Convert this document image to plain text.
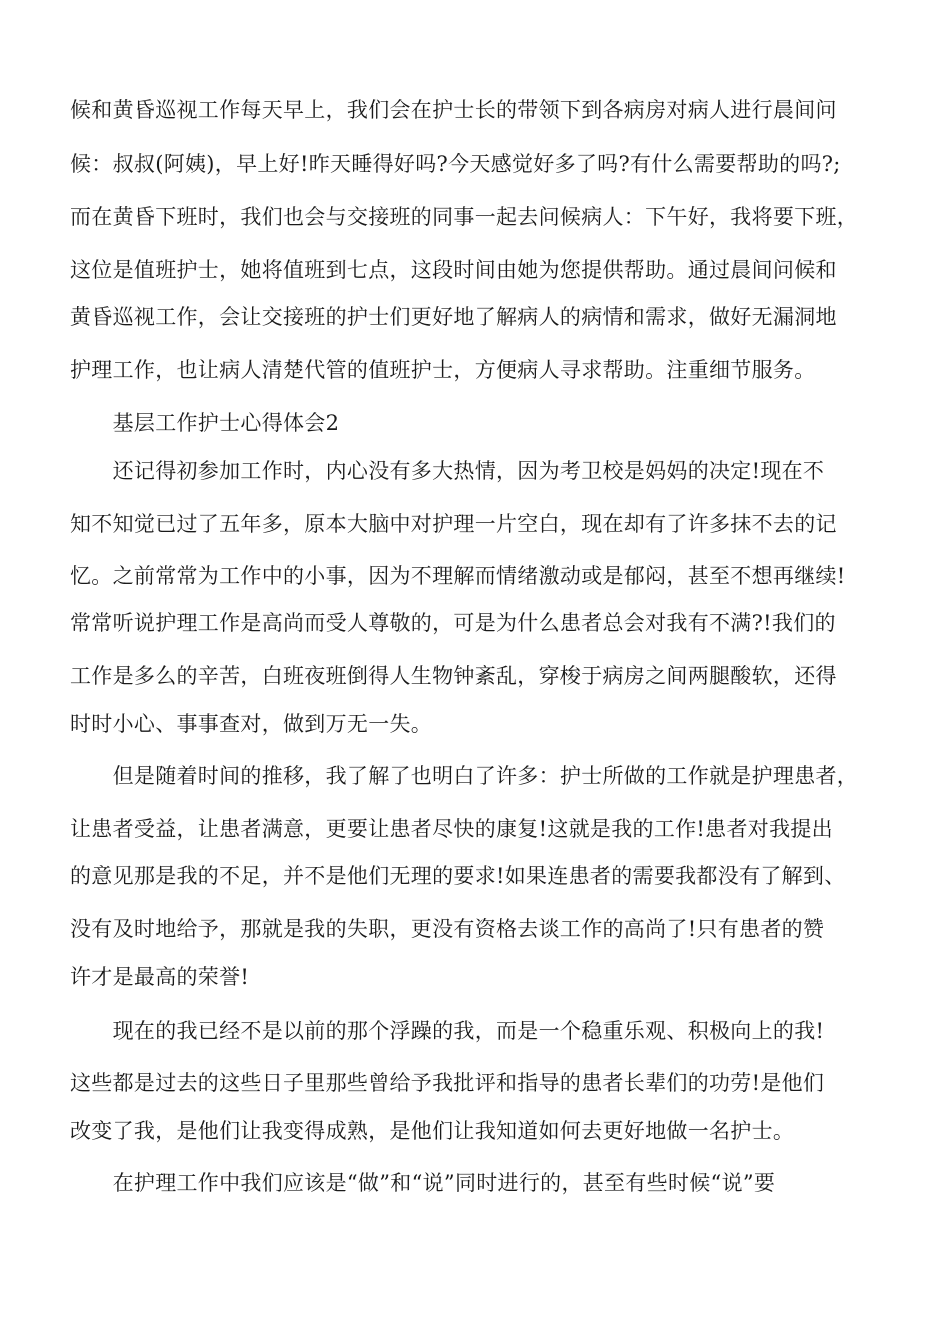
候和黄昏巡视工作每天早上，我们会在护士长的带领下到各病房对病人进行晨间问
候：叔叔(阿姨)，早上好!昨天睡得好吗?今天感觉好多了吗?有什么需要帮助的吗?;
而在黄昏下班时，我们也会与交接班的同事一起去问候病人：下午好，我将要下班，
这位是值班护士，她将值班到七点，这段时间由她为您提供帮助。通过晨间问候和
黄昏巡视工作，会让交接班的护士们更好地了解病人的病情和需求，做好无漏洞地
护理工作，也让病人清楚代管的值班护士，方便病人寻求帮助。注重细节服务。
　　基层工作护士心得体会2
　　还记得初参加工作时，内心没有多大热情，因为考卫校是妈妈的决定!现在不
知不知觉已过了五年多，原本大脑中对护理一片空白，现在却有了许多抹不去的记
忆。之前常常为工作中的小事，因为不理解而情绪激动或是郁闷，甚至不想再继续!
常常听说护理工作是高尚而受人尊敬的，可是为什么患者总会对我有不满?!我们的
工作是多么的辛苦，白班夜班倒得人生物钟紊乱，穿梭于病房之间两腿酸软，还得
时时小心、事事查对，做到万无一失。
　　但是随着时间的推移，我了解了也明白了许多：护士所做的工作就是护理患者，
让患者受益，让患者满意，更要让患者尽快的康复!这就是我的工作!患者对我提出
的意见那是我的不足，并不是他们无理的要求!如果连患者的需要我都没有了解到、
没有及时地给予，那就是我的失职，更没有资格去谈工作的高尚了!只有患者的赞
许才是最高的荣誉!
　　现在的我已经不是以前的那个浮躁的我，而是一个稳重乐观、积极向上的我!
这些都是过去的这些日子里那些曾给予我批评和指导的患者长辈们的功劳!是他们
改变了我，是他们让我变得成熟，是他们让我知道如何去更好地做一名护士。
　　在护理工作中我们应该是“做”和“说”同时进行的，甚至有些时候“说”要
